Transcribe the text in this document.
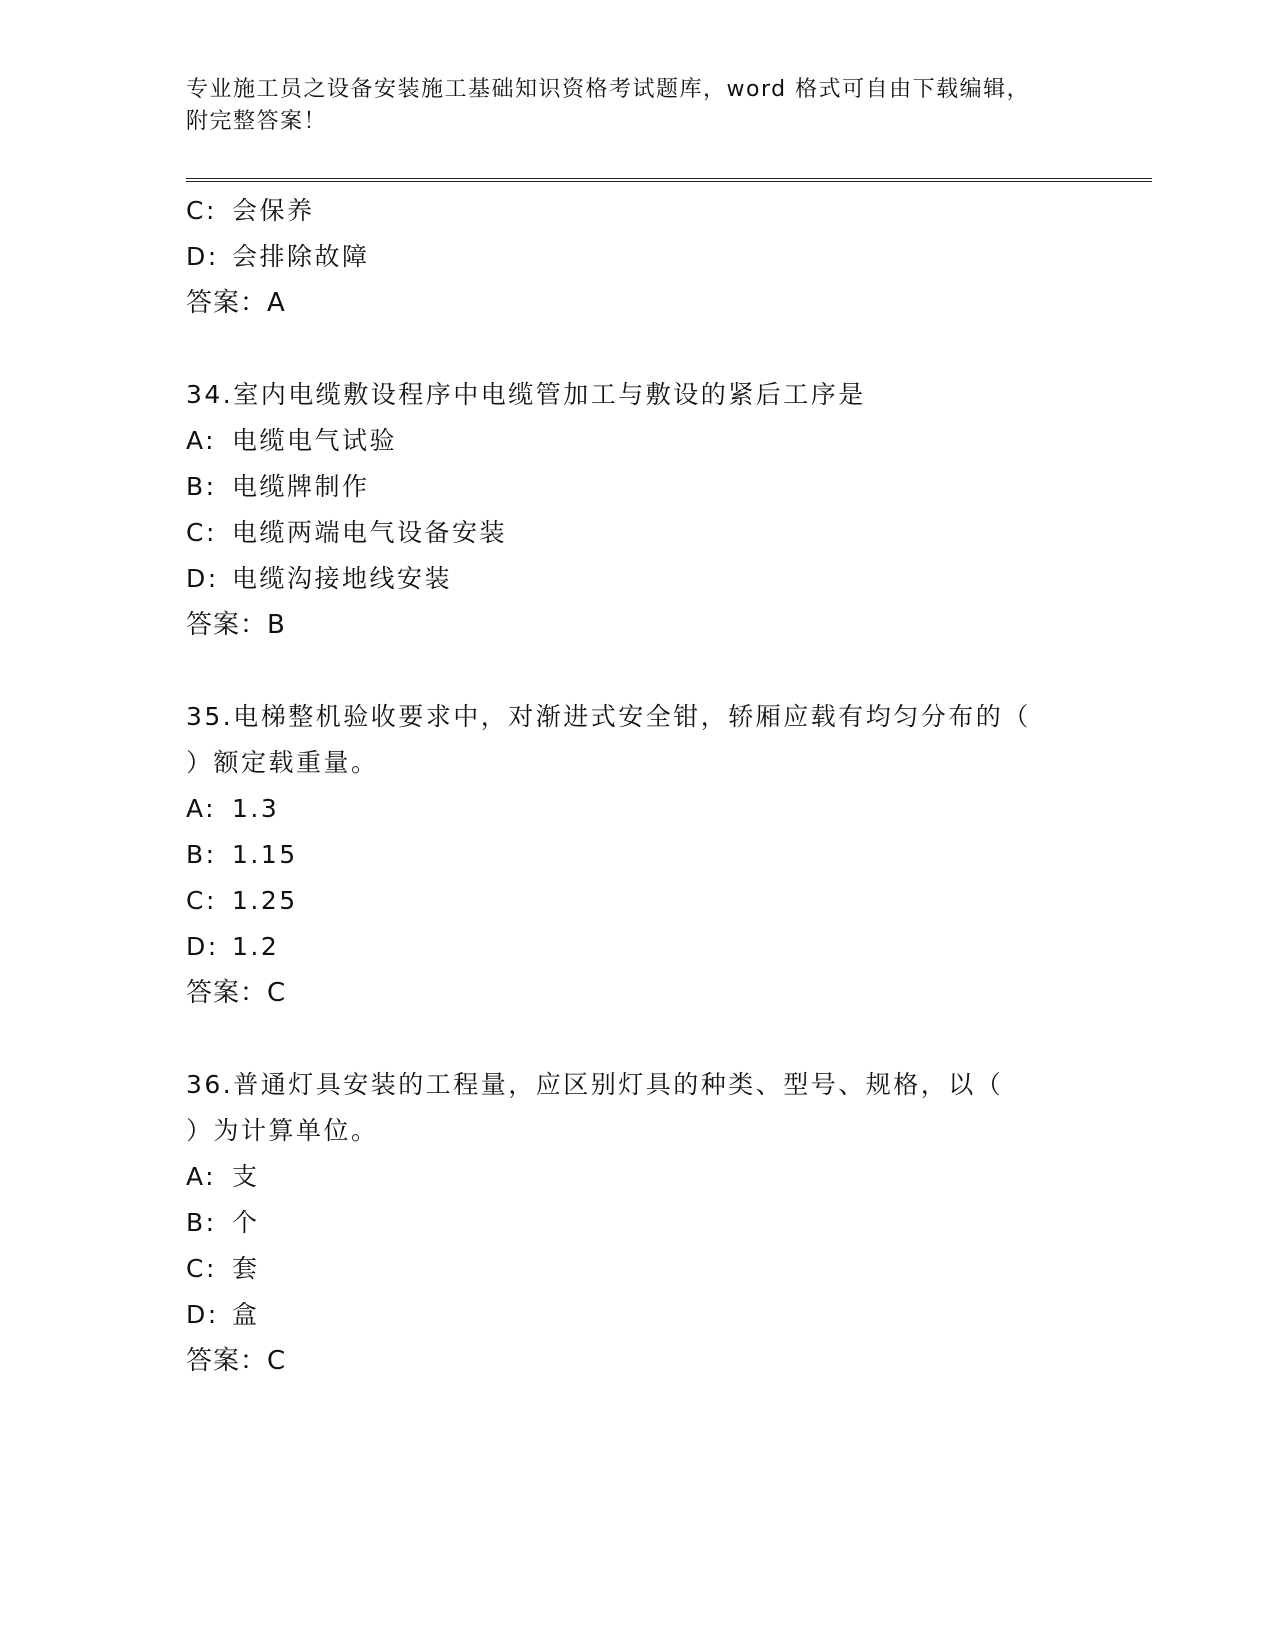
专业施工员之设备安装施工基础知识资格考试题库，word 格式可自由下载编辑，
附完整答案！
C: 会保养
D: 会排除故障
答案：A
34.室内电缆敷设程序中电缆管加工与敷设的紧后工序是
A: 电缆电气试验
B: 电缆牌制作
C: 电缆两端电气设备安装
D: 电缆沟接地线安装
答案：B
35.电梯整机验收要求中，对渐进式安全钳，轿厢应载有均匀分布的（
）额定载重量。
A: 1.3
B: 1.15
C: 1.25
D: 1.2
答案：C
36.普通灯具安装的工程量，应区别灯具的种类、型号、规格，以（
）为计算单位。
A: 支
B: 个
C: 套
D: 盒
答案：C
